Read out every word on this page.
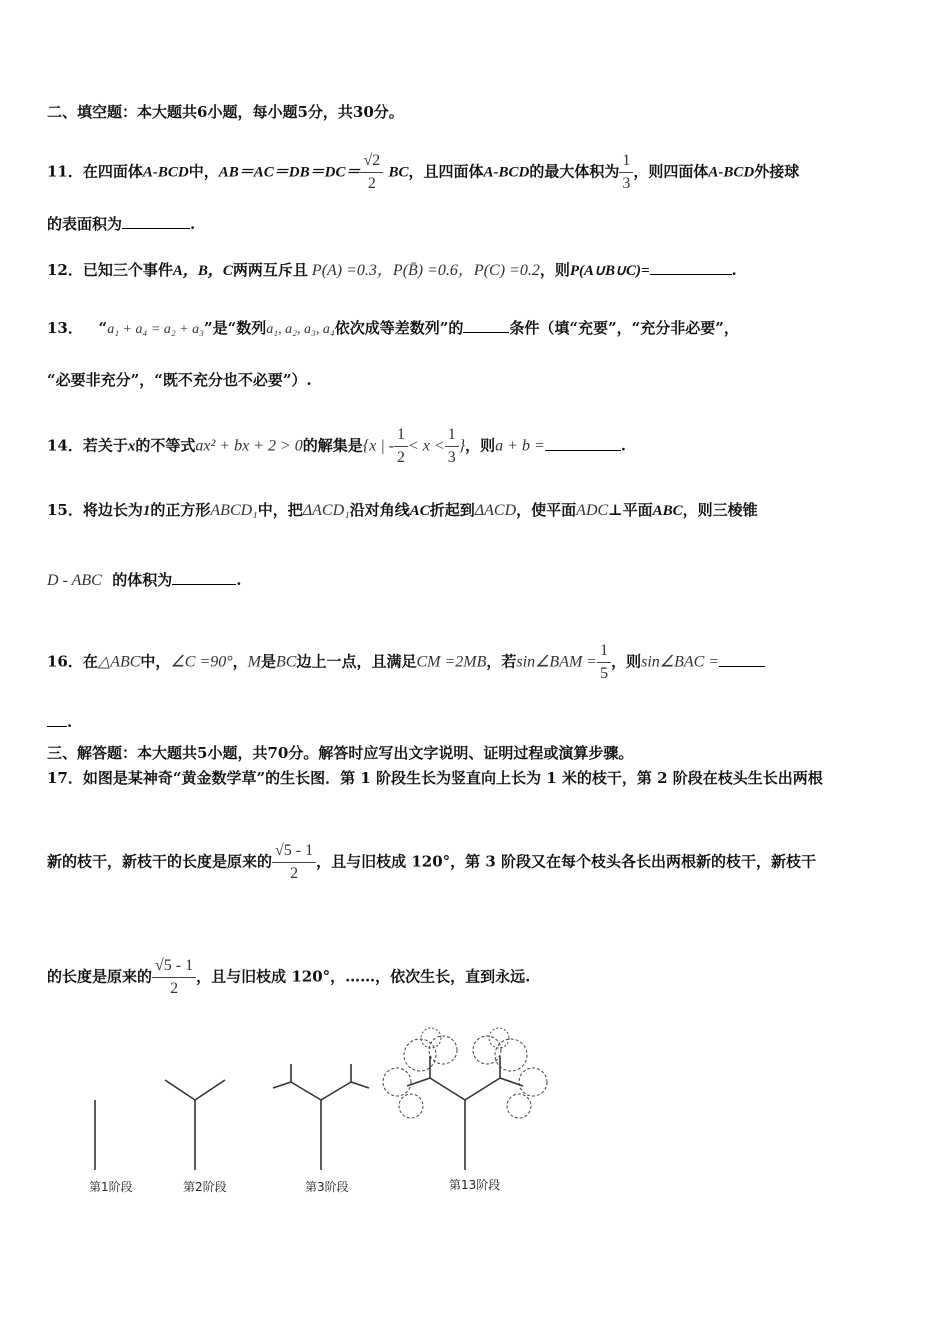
二、填空题：本大题共6小题，每小题5分，共30分。
11．在四面体A-BCD中，$AB=AC=DB=DC= \frac{√2}{2}$ BC，且四面体A-BCD的最大体积为 $\frac{1}{3}$ ，则四面体A-BCD外接球
的表面积为	.
12．已知三个事件A，B，C两两互斥且 P(A) =0.3，P(B̄) =0.6，P(C) =0.2，则P(A∪B∪C)=	.
13． “a₁ + a₄ = a₂ + a₃”是“数列a₁, a₂, a₃, a₄依次成等差数列”的	条件（填“充要”，“充分非必要”，
“必要非充分”，“既不充分也不必要”）.
14．若关于x的不等式ax² + bx + 2 > 0的解集是{x | - $\frac{1}{2} < x < \frac{1}{3}$ }，则a + b =	.
15．将边长为1的正方形ABCD₁中，把ΔACD₁沿对角线AC折起到ΔACD，使平面ADC⊥平面ABC，则三棱锥
D - ABC 的体积为	.
16．在△ABC中，∠C =90°，M是BC边上一点，且满足CM =2MB，若sin∠BAM = $\frac{1}{5}$ ，则sin∠BAC =
.
三、解答题：本大题共5小题，共70分。解答时应写出文字说明、证明过程或演算步骤。
17．如图是某神奇“黄金数学草”的生长图．第 1 阶段生长为竖直向上长为 1 米的枝干，第 2 阶段在枝头生长出两根
新的枝干，新枝干的长度是原来的 $\frac{√5 - 1}{2}$ ，且与旧枝成 120°，第 3 阶段又在每个枝头各长出两根新的枝干，新枝干
的长度是原来的 $\frac{√5 - 1}{2}$ ，且与旧枝成 120°，……，依次生长，直到永远.
第1阶段	第2阶段	第3阶段	第13阶段
